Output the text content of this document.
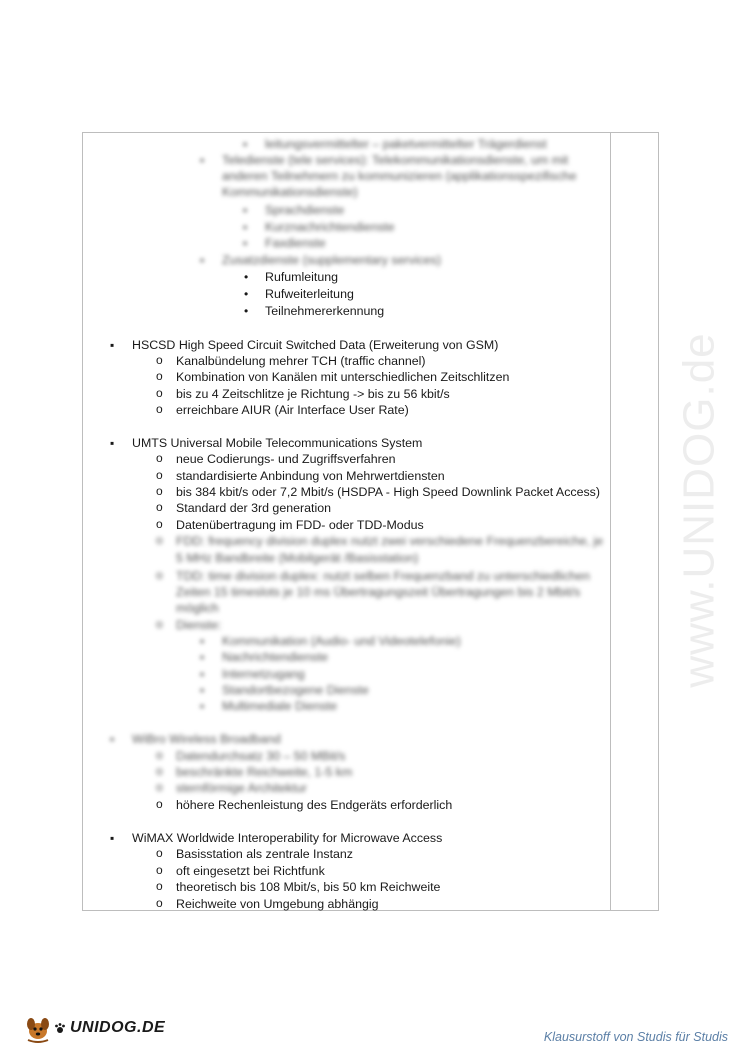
www.UNIDOG.de
▪ leitungsvermittelter – paketvermittelter Trägerdienst
▪ Teledienste (tele services): Telekommunikationsdienste, um mit
anderen Teilnehmern zu kommunizieren (applikationsspezifische
Kommunikationsdienste)
▪ Sprachdienste
▪ Kurznachrichtendienste
▪ Faxdienste
▪ Zusatzdienste (supplementary services)
• Rufumleitung
• Rufweiterleitung
• Teilnehmererkennung
▪ HSCSD High Speed Circuit Switched Data (Erweiterung von GSM)
o Kanalbündelung mehrer TCH (traffic channel)
o Kombination von Kanälen mit unterschiedlichen Zeitschlitzen
o bis zu 4 Zeitschlitze je Richtung -> bis zu 56 kbit/s
o erreichbare AIUR (Air Interface User Rate)
▪ UMTS Universal Mobile Telecommunications System
o neue Codierungs- und Zugriffsverfahren
o standardisierte Anbindung von Mehrwertdiensten
o bis 384 kbit/s oder 7,2 Mbit/s (HSDPA - High Speed Downlink Packet Access)
o Standard der 3rd generation
o Datenübertragung im FDD- oder TDD-Modus
o FDD: frequency division duplex nutzt zwei verschiedene Frequenzbereiche, je
5 MHz Bandbreite (Mobilgerät /Basisstation)
o TDD: time division duplex: nutzt selben Frequenzband zu unterschiedlichen
Zeiten 15 timeslots je 10 ms Übertragungszeit Übertragungen bis 2 Mbit/s
möglich
o Dienste:
▪ Kommunikation (Audio- und Videotelefonie)
▪ Nachrichtendienste
▪ Internetzugang
▪ Standortbezogene Dienste
▪ Multimediale Dienste
▪ WiBro Wireless Broadband
o Datendurchsatz 30 – 50 MBit/s
o beschränkte Reichweite, 1-5 km
o sternförmige Architektur
o höhere Rechenleistung des Endgeräts erforderlich
▪ WiMAX Worldwide Interoperability for Microwave Access
o Basisstation als zentrale Instanz
o oft eingesetzt bei Richtfunk
o theoretisch bis 108 Mbit/s, bis 50 km Reichweite
o Reichweite von Umgebung abhängig
UNIDOG.DE
Klausurstoff von Studis für Studis
